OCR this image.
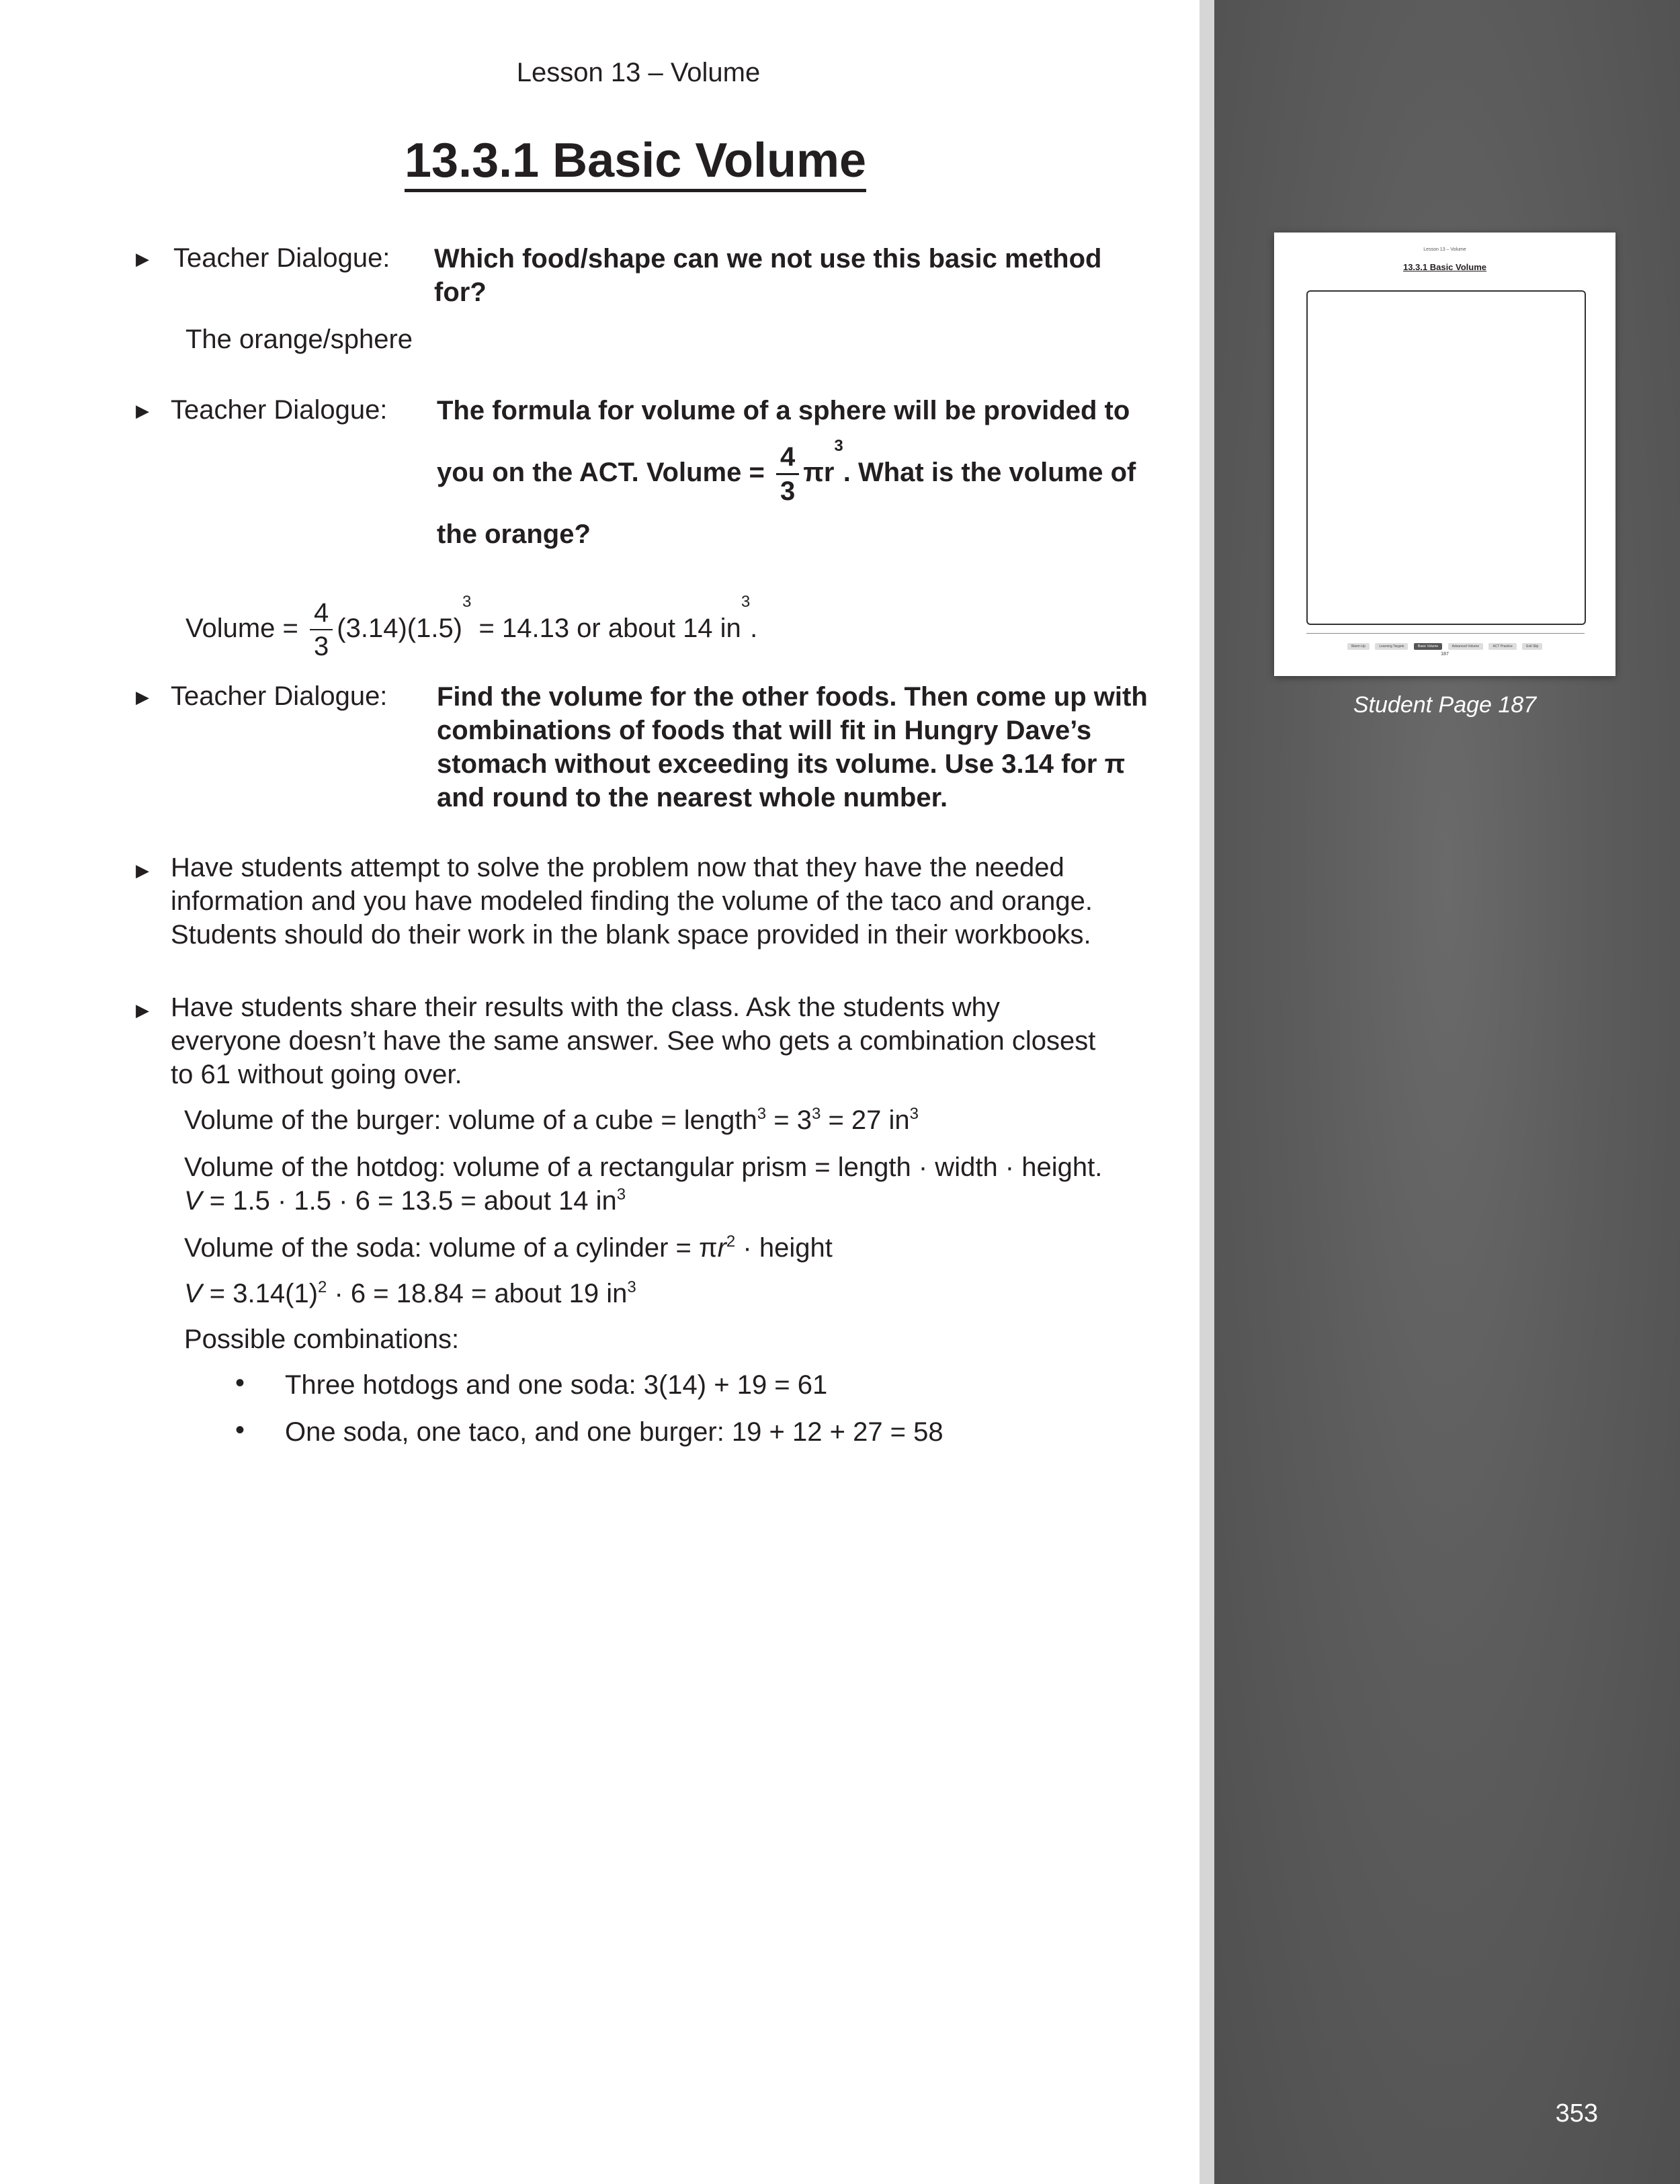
Lesson 13 – Volume
13.3.1 Basic Volume
▶ Teacher Dialogue: Which food/shape can we not use this basic method
for?
The orange/sphere
▶ Teacher Dialogue: The formula for volume of a sphere will be provided to
you on the ACT. Volume = $\frac{4}{3} \pi r^3$. What is the volume of
the orange?
Volume = $\frac{4}{3} (3.14)(1.5)^3 = 14.13$ or about 14 $in^3$.
▶ Teacher Dialogue: Find the volume for the other foods. Then come up with
combinations of foods that will fit in Hungry Dave’s
stomach without exceeding its volume. Use 3.14 for π
and round to the nearest whole number.
▶ Have students attempt to solve the problem now that they have the needed
information and you have modeled finding the volume of the taco and orange.
Students should do their work in the blank space provided in their workbooks.
▶ Have students share their results with the class. Ask the students why
everyone doesn’t have the same answer. See who gets a combination closest
to 61 without going over.
Volume of the burger: volume of a cube = length$^3$ = $3^3 = 27$ $in^3$
Volume of the hotdog: volume of a rectangular prism = length · width · height.
V = 1.5 · 1.5 · 6 = 13.5 = about 14 $in^3$
Volume of the soda: volume of a cylinder = $\pi r^2$ · height
$V = 3.14(1)^2 \cdot 6 = 18.84$ = about 19 $in^3$
Possible combinations:
• Three hotdogs and one soda: 3(14) + 19 = 61
• One soda, one taco, and one burger: 19 + 12 + 27 = 58
Lesson 13 – Volume
13.3.1 Basic Volume
Warm-Up	Learning Targets	Basic Volume	Advanced Volume	ACT Practice	Exit Slip
187
Student Page 187
353
